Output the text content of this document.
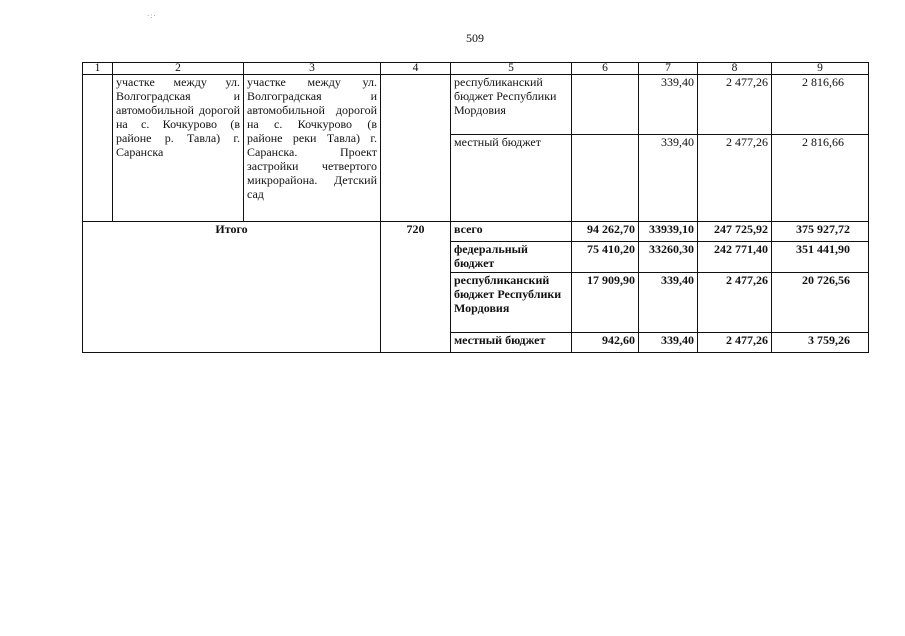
·:·
509
1	2	3	4	5	6	7	8	9
	участке между ул. Волгоградская и автомобильной дорогой на с. Кочкурово (в районе р. Тавла) г. Саранска	участке между ул. Волгоградская и автомобильной дорогой на с. Кочкурово (в районе реки Тавла) г. Саранска. Проект застройки четвертого микрорайона. Детский сад		республиканский бюджет Республики Мордовия		339,40	2 477,26	2 816,66
				местный бюджет		339,40	2 477,26	2 816,66
Итого			720	всего	94 262,70	33939,10	247 725,92	375 927,72
				федеральный бюджет	75 410,20	33260,30	242 771,40	351 441,90
				республиканский бюджет Республики Мордовия	17 909,90	339,40	2 477,26	20 726,56
				местный бюджет	942,60	339,40	2 477,26	3 759,26
